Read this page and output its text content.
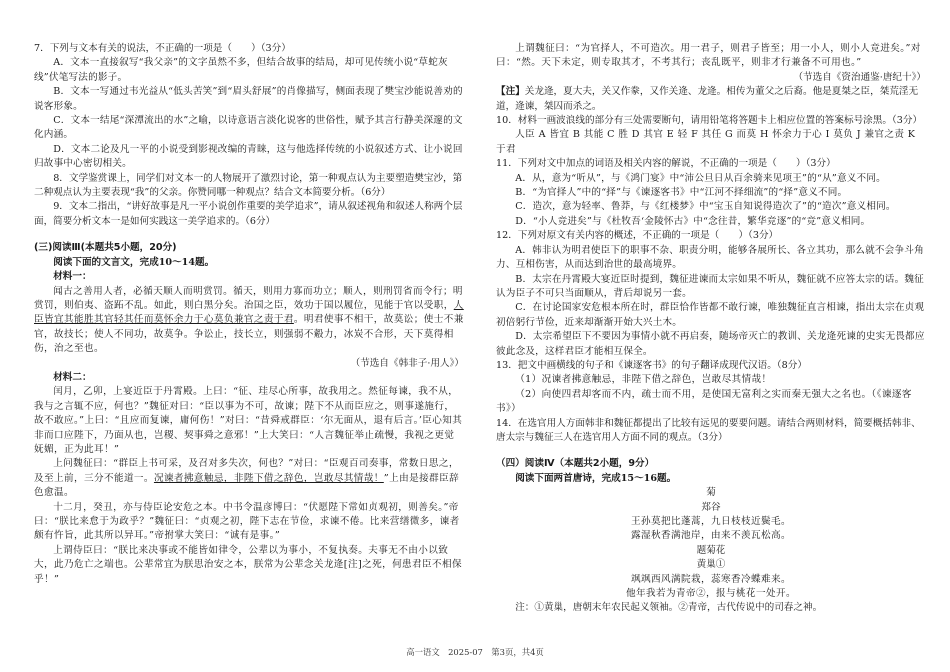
7．下列与文本有关的说法，不正确的一项是（　　）（3分）

A．文本一直接叙写“我父亲”的文字虽然不多，但结合故事的结局，却可见传统小说“草蛇灰线”伏笔写法的影子。

B．文本一写通过韦光益从“低头苦笑”到“眉头舒展”的肖像描写，侧面表现了樊宝沙能说善劝的说客形象。

C．文本一结尾“深潭流出的水”之喻，以诗意语言淡化说客的世俗性，赋予其言行静美深邃的文化内涵。

D．文本二论及凡一平的小说受到影视改编的青睐，这与他选择传统的小说叙述方式、让小说回归故事中心密切相关。

8．文学鉴赏课上，同学们对文本一的人物展开了激烈讨论，第一种观点认为主要塑造樊宝沙，第二种观点认为主要表现“我”的父亲。你赞同哪一种观点？结合文本简要分析。（6分）

9．文本二指出，“讲好故事是凡一平小说创作重要的美学追求”，请从叙述视角和叙述人称两个层面，简要分析文本一是如何实践这一美学追求的。（6分）

(三)阅读Ⅲ(本题共5小题，20分)

阅读下面的文言文，完成10～14题。

材料一：

闻古之善用人者，必循天顺人而明赏罚。循天，则用力寡而功立；顺人，则刑罚省而令行；明赏罚，则伯夷、盗跖不乱。如此，则白黑分矣。治国之臣，效功于国以履位，见能于官以受职，人臣皆宜其能胜其官轻其任而莫怀余力于心莫负兼官之责于君。明君使事不相干，故莫讼；使士不兼官，故技长；使人不同功，故莫争。争讼止，技长立，则强弱不觳力，冰炭不合形，天下莫得相伤，治之至也。

（节选自《韩非子·用人》）

材料二：

闰月，乙卯，上宴近臣于丹霄殿。上曰：“征、珪尽心所事，故我用之。然征每谏，我不从，我与之言辄不应，何也？”魏征对曰：“臣以事为不可，故谏；陛下不从而臣应之，则事遂施行，故不敢应。”上曰：“且应而复谏，庸何伤！”对曰：“昔舜戒群臣：‘尔无面从，退有后言。’臣心知其非而口应陛下，乃面从也，岂稷、契事舜之意邪！”上大笑曰：“人言魏征举止疏慢，我视之更觉妩媚，正为此耳！”

上问魏征曰：“群臣上书可采，及召对多失次，何也？”对曰：“臣观百司奏事，常数日思之，及至上前，三分不能道一。况谏者拂意触忌，非陛下借之辞色，岂敢尽其情哉！”上由是接群臣辞色愈温。

十二月，癸丑，亦与侍臣论安危之本。中书令温彦博曰：“伏愿陛下常如贞观初，则善矣。”帝曰：“朕比来怠于为政乎？”魏征曰：“贞观之初，陛下志在节俭，求谏不倦。比来营缮微多，谏者颇有忤旨，此其所以异耳。”帝拊掌大笑曰：“诚有是事。”

上谓侍臣曰：“朕比来决事或不能皆如律令，公辈以为事小，不复执奏。夫事无不由小以致大，此乃危亡之端也。公辈常宜为朕思治安之本，朕常为公辈念关龙逄[注]之死，何患君臣不相保乎！”

上谓魏征曰：“为官择人，不可造次。用一君子，则君子皆至；用一小人，则小人竞进矣。”对曰：“然。天下未定，则专取其才，不考其行；丧乱既平，则非才行兼备不可用也。”

（节选自《资治通鉴·唐纪十》）

【注】关龙逄，夏大夫，关又作豢，又作关逄、龙逄。相传为董父之后裔。他是夏桀之臣，桀荒淫无道，逄谏，桀囚而杀之。

10．材料一画波浪线的部分有三处需要断句，请用铅笔将答题卡上相应位置的答案标号涂黑。（3分）

人臣 A 皆宜 B 其能 C 胜 D 其官 E 轻 F 其任 G 而莫 H 怀余力于心 I 莫负 J 兼官之责 K 于君

11．下列对文中加点的词语及相关内容的解说，不正确的一项是（　　）（3分）

A．从，意为“听从”，与《鸿门宴》中“沛公旦日从百余骑来见项王”的“从”意义不同。

B．“为官择人”中的“择”与《谏逐客书》中“江河不择细流”的“择”意义不同。

C．造次，意为轻率、鲁莽，与《红楼梦》中“宝玉自知说得造次了”的“造次”意义相同。

D．“小人竞进矣”与《杜牧吾‘金陵怀古》中“念往昔，繁华竞逐”的“竞”意义相同。

12．下列对原文有关内容的概述，不正确的一项是（　　）（3分）

A．韩非认为明君使臣下的职事不杂、职责分明，能够各展所长、各立其功，那么就不会争斗角力、互相伤害，从而达到治世的最高境界。

B．太宗在丹霄殿大宴近臣时提到，魏征进谏而太宗如果不听从，魏征就不应答太宗的话。魏征认为臣子不可只当面顺从，背后却说另一套。

C．在讨论国家安危根本所在时，群臣恰作皆都不敢行谏，唯独魏征直言相谏，指出太宗在贞观初倍躬行节俭，近来却渐渐开始大兴土木。

D．太宗希望臣下不要因为事情小就不再启奏，随场帝灭亡的教训、关龙逄死谏的史实无畏都应彼此念及，这样君臣才能相互保全。

13．把文中画横线的句子和《谏逐客书》的句子翻译成现代汉语。（8分）

（1）况谏者拂意触忌，非陛下借之辞色，岂敢尽其情哉！

（2）向使四君却客而不内，疏士而不用，是使国无富利之实而秦无强大之名也。（《谏逐客书》）

14．在选官用人方面韩非和魏征都提出了比较有远见的要要问题。请结合两则材料，简要概括韩非、唐太宗与魏征三人在选官用人方面不同的观点。（3分）

（四）阅读Ⅳ（本题共2小题，9分）

阅读下面两首唐诗，完成15～16题。

菊

郑谷

王孙莫把比蓬蒿，九日枝枝近鬓毛。

露湿秋香满池岸，由来不羡瓦松高。

题菊花

黄巢①

飒飒西风满院栽，蕊寒香冷蝶难来。

他年我若为青帝②，报与桃花一处开。

注：①黄巢，唐朝末年农民起义领袖。②青帝，古代传说中的司春之神。

高一语文　2025-07　第3页，共4页
